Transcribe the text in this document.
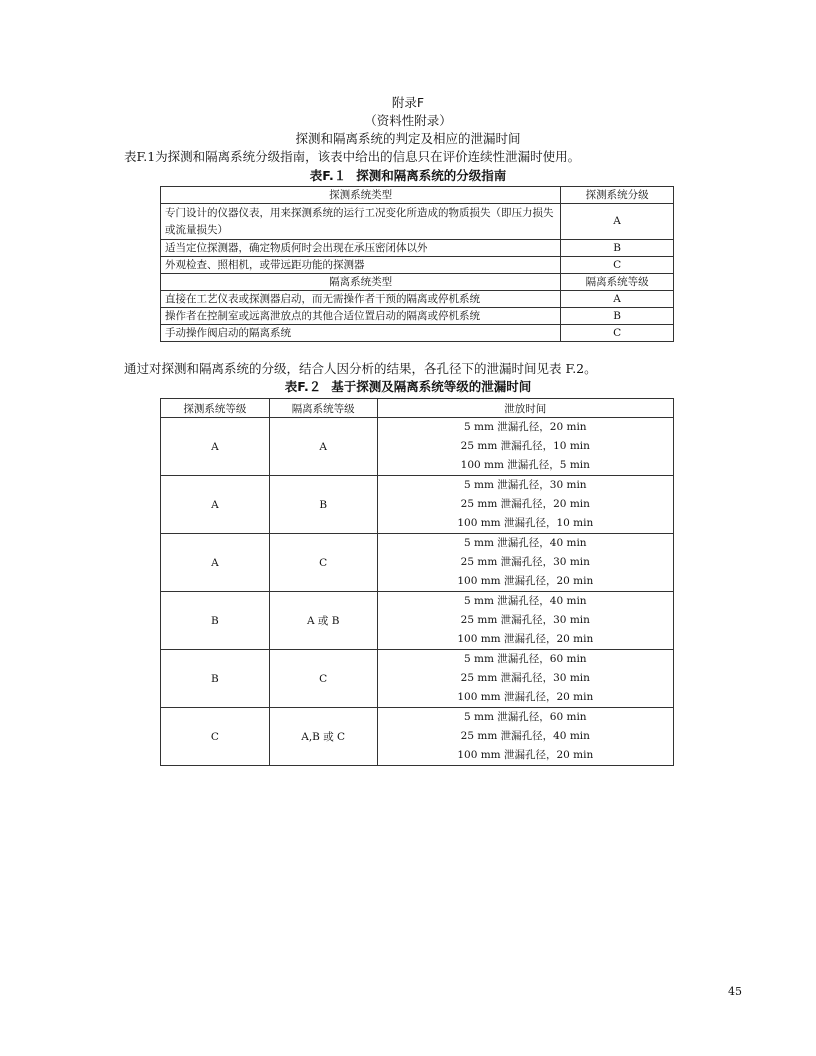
附录F
（资料性附录）
探测和隔离系统的判定及相应的泄漏时间
表F.1为探测和隔离系统分级指南，该表中给出的信息只在评价连续性泄漏时使用。
表F.１ 探测和隔离系统的分级指南
探测系统类型	探测系统分级
专门设计的仪器仪表，用来探测系统的运行工况变化所造成的物质损失（即压力损失或流量损失）	A
适当定位探测器，确定物质何时会出现在承压密闭体以外	B
外观检查、照相机，或带远距功能的探测器	C
隔离系统类型	隔离系统等级
直接在工艺仪表或探测器启动，而无需操作者干预的隔离或停机系统	A
操作者在控制室或远离泄放点的其他合适位置启动的隔离或停机系统	B
手动操作阀启动的隔离系统	C
通过对探测和隔离系统的分级，结合人因分析的结果，各孔径下的泄漏时间见表 F.2。
表F.２ 基于探测及隔离系统等级的泄漏时间
探测系统等级	隔离系统等级	泄放时间
A	A	5 mm 泄漏孔径，20 min
25 mm 泄漏孔径，10 min
100 mm 泄漏孔径，5 min

A	B	5 mm 泄漏孔径，30 min
25 mm 泄漏孔径，20 min
100 mm 泄漏孔径，10 min

A	C	5 mm 泄漏孔径，40 min
25 mm 泄漏孔径，30 min
100 mm 泄漏孔径，20 min

B	A 或 B	5 mm 泄漏孔径，40 min
25 mm 泄漏孔径，30 min
100 mm 泄漏孔径，20 min

B	C	5 mm 泄漏孔径，60 min
25 mm 泄漏孔径，30 min
100 mm 泄漏孔径，20 min

C	A,B 或 C	5 mm 泄漏孔径，60 min
25 mm 泄漏孔径，40 min
100 mm 泄漏孔径，20 min
45
